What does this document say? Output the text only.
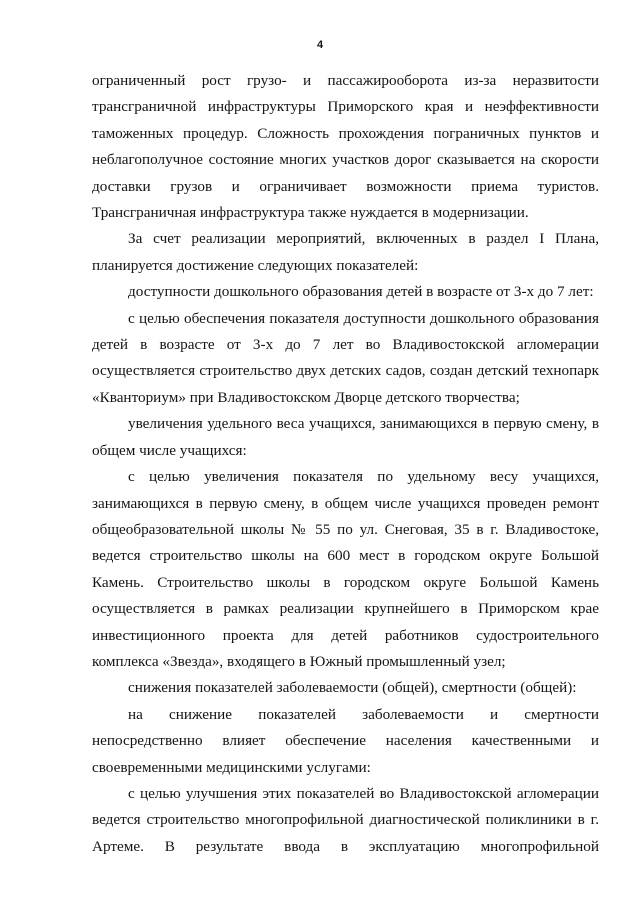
4

ограниченный рост грузо- и пассажирооборота из-за неразвитости трансграничной инфраструктуры Приморского края и неэффективности таможенных процедур. Сложность прохождения пограничных пунктов и неблагополучное состояние многих участков дорог сказывается на скорости доставки грузов и ограничивает возможности приема туристов. Трансграничная инфраструктура также нуждается в модернизации.

За счет реализации мероприятий, включенных в раздел I Плана, планируется достижение следующих показателей:

доступности дошкольного образования детей в возрасте от 3-х до 7 лет:

с целью обеспечения показателя доступности дошкольного образования детей в возрасте от 3-х до 7 лет во Владивостокской агломерации осуществляется строительство двух детских садов, создан детский технопарк «Кванториум» при Владивостокском Дворце детского творчества;

увеличения удельного веса учащихся, занимающихся в первую смену, в общем числе учащихся:

с целью увеличения показателя по удельному весу учащихся, занимающихся в первую смену, в общем числе учащихся проведен ремонт общеобразовательной школы № 55 по ул. Снеговая, 35 в г. Владивостоке, ведется строительство школы на 600 мест в городском округе Большой Камень. Строительство школы в городском округе Большой Камень осуществляется в рамках реализации крупнейшего в Приморском крае инвестиционного проекта для детей работников судостроительного комплекса «Звезда», входящего в Южный промышленный узел;

снижения показателей заболеваемости (общей), смертности (общей):

на снижение показателей заболеваемости и смертности непосредственно влияет обеспечение населения качественными и своевременными медицинскими услугами:

с целью улучшения этих показателей во Владивостокской агломерации ведется строительство многопрофильной диагностической поликлиники в г. Артеме. В результате ввода в эксплуатацию многопрофильной
